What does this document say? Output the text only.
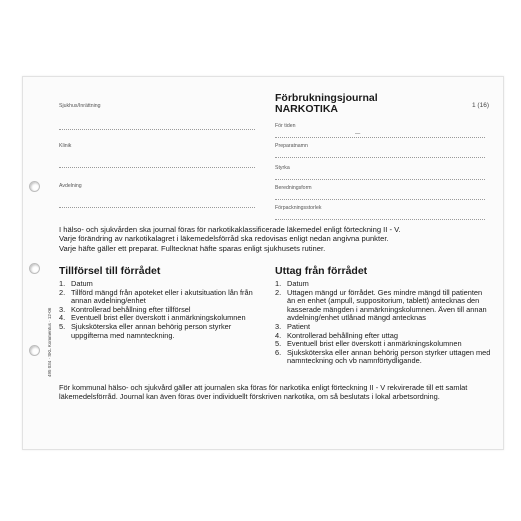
Sjukhus/Inrättning
Klinik
Avdelning
Förbrukningsjournal
NARKOTIKA	1 (16)
För tiden
—
Preparatnamn
Styrka
Beredningsform
Förpackningsstorlek
I hälso- och sjukvården ska journal föras för narkotikaklassificerade läkemedel enligt förteckning II - V.
Varje förändring av narkotikalagret i läkemedelsförråd ska redovisas enligt nedan angivna punkter.
Varje häfte gäller ett preparat. Fulltecknat häfte sparas enligt sjukhusets rutiner.
Tillförsel till förrådet
1. Datum
2. Tillförd mängd från apoteket eller i akutsituation lån från annan avdelning/enhet
3. Kontrollerad behållning efter tillförsel
4. Eventuell brist eller överskott i anmärkningskolumnen
5. Sjuksköterska eller annan behörig person styrker uppgifterna med namnteckning.
Uttag från förrådet
1. Datum
2. Uttagen mängd ur förrådet. Ges mindre mängd till patienten än en enhet (ampull, suppositorium, tablett) antecknas den kasserade mängden i anmärkningskolumnen. Även till annan avdelning/enhet utlånad mängd antecknas
3. Patient
4. Kontrollerad behållning efter uttag
5. Eventuell brist eller överskott i anmärkningskolumnen
6. Sjuksköterska eller annan behörig person styrker uttagen med namnteckning och vb namnförtydligande.
495 034 · SKL Kommentus · 12-06
För kommunal hälso- och sjukvård gäller att journalen ska föras för narkotika enligt förteckning II - V rekvirerade till ett samlat läkemedelsförråd. Journal kan även föras över individuellt förskriven narkotika, om så beslutats i lokal arbetsordning.
